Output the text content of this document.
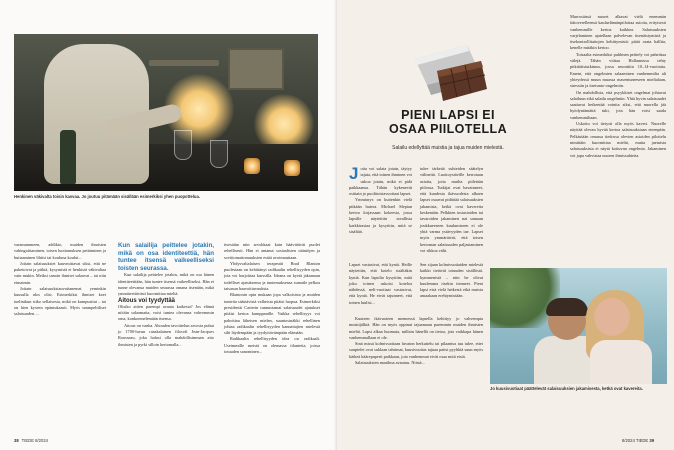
Henkinen väkivalta toisin kasvaa. Jo joutuu pitämään sisällään esimerkiksi yhen puopottelua.

varamammeen, addikto, muiden ihmisten vahingoittaminen, toisen luottamuksen pettäminen ja hutiaaminen lihtisi tai kouluna koulut...

Joitain salaisuuksiet kuuvmittavat siksi, että ne paketoivat ja pitkiä, kysymistä ei henkisiä väkivaltaa vain mukin. Meiksi sanoin ihmiset salaavat – tai niin eimaimin.

Joitain salaisuuksiauvuitanemat yeminkin kuusulla ulos olisi. Esimerkiksi ihmiset koet tuelinikun siiko sellaisesta, mikä on kumpusiini – tai on hien kyseen epämukaasti. Myös ummpeltiliset salaisuuden. ...

Kun salailija peittelee jotakin, mikä on osa identiteettiä, hän tuntee itsensä vaikeelliseksi toisten seurassa.

Kun salailija peittelee jotakin, mikä on osa hänen identiteettiään, hän tuntee itsensä vaikeelliseksi. Hän ei tunne olevansa muiden seurassa omana itsenään, mikä ymmärrettävästi kuormittaa mieltä.

Aitous voi tyydyttää

Olisiko aitien parempi avaata kaikesta? Jos elämä niitäin salaamatta, voisi tuntea olevansa vahvemmin oma, konkoemelemään itsensa.

Aitous on vanha. Ahouden tavoittelun arvosta puhui jo 1700-luvun ranskalainen filosofi Jean-Jacques Rousseau, joka halusi olla mahdollisimman aito ihmisten ja pyrki silloin kertomalla...

itsestään niin arvokkaat kuin häävittävät puolet rehellisesti. Hän ei antanut sosiaalisten sääntöjen ja sovittomattomuuksien estää avoimuuttaan.

Yhdysvaltalaisen terapeutti Brad Blanton puolestaan on kehittänyt radikaalin rehellisyyden opin, jota voi harjoittaa kurssilla. Ideana on kyetä jakamaan todelliset ajatuksensa ja tuntemuksensa sumaile pelkoa taisasun haavoittuvuuksia.

Blantonin opin mukaan jopa valkoisista ja muiden tunteita säästävistä valheista pitäisi luopua. Esimerkiksi presidentti Carterin tunnustamat salaisuudet ajatukset pitäisi kertoa kumppanille. Vaikka rehellisyys voi pahoittaa läheisen mielen, suuntosinäkki rehellinen johtaa radikaalin rehellisyyden kannattajien mielestä silti läydempään ja tyydyttävämpään elämään.

Radikaalin rehellisyyden idea on radikaali. Useimmille meistä on olemassa tilanteita, joissa totuuden sanominen...

38 TIEDE 8/2024
PIENI LAPSI EI
OSAA PIILOTELLA
Salailu edellyttää muistia ja tajua muiden mielestä.

Jotta voi salata jotain, täytyy tajuta, että toinen ihminen voi uskoa jotain, mikä ei pidä paikkaansa. Tähän kykenevät osittain jo puolitoistavuotiaat lapset.

Ymmärrys on kuitenkin vielä pitkään hutera. Michael Slepian kertoo kirjassaan kokeesta, jossa lapsille näytettiin tavallista karkkirasiaa ja kysyttiin, mitä se sisältää.

tulee tärkeää suhteiden säätelyn välineitä. Luottoystäville kerrotaan asioita, joita muilta piiletään piilossa. Tutkijat ovat havainneet, että kuudesta ikävuodesta alkaen lapset osaavat pidättää salaisuuksien jakamista, ketkä ovat kavereita keskenään. Pelkkien tosiasioiden tai tavaroiden jakaminen nai samaan joukkueeseen kuulumiseen ei ole yhtä varma ystävyyden tae. Lapset myös ymmärtävät, että toisen kertoman salaisuuden paljastaminen voi rikkoa välit.

Lapset vastasivat, että kyniä. Heille näytettiin, että kotelo sisältäkin kyniä. Kun lapsilta kysyttiin, mitä joku toinen uskoisi koteloa nähdessä, neli-vuotiaat vastasivat, että kyniä. He eivät tajunneet, että toinen luulisi...

Sen sijaan kolmivuotiaiden mielestä kaikki tietävät totuuden sisällöstä. kymmenistä – niin he olivat kuulemma itsekin tienneet. Pieni lapsi eisä vielä hetkestä eikä muista amaakaan erehtymistään.

Kuuteen ikävuoteen mennessä lapsella kehittyy jo vahvempia muistijälkiä. Hän on myös oppinut tajuamaan paremmin muiden ihmisten mieltä. Lapsi alkaa huomata, millain hänellä on tietoa, jota vaikkapa hänen vanhemmallaan ei ole.

Sinä missä kolmivuotiaan luvaton herkuttelu tai pilaantus tuu tulee, ettei suupielet ovat suklaan tahrimat, kuusivuotias tajuaa paitsi pyyhkiä suun myös kätkeä käärepaperit paikkaan, jota vanhemmat eivät osaa mitä etsiä.

Salaisuuksien maailma avautuu. Niistä...

Murrosiässä nuoret alkavat vielä enemmän itätoverelleensä kaulaelämänpiilottaa asioita, erityisesti vanhemmille kertoa kaikkea. Salaisuuksien varjelaminen ajatellaan palvelevan itsenäistymistä ja itsekontrollitaitojen kehittymistä: pitää osata hallita, kenelle mitäkin kertoo.

Toisaalta esimerkiksi puhlmen peittely voi paheittaa välejä. Tähän viittaa Hollannissa tehty pitkittäistutkimus, jossa seurattiin 10–14-vuotiaita. Emeni, että ongelmien salaaminen vanhemmilta ali yhteydessä muun muassa masentuneeseen mielialaan, stressiin ja itsetunto-ongelmiin.

On mahdollista, että psyykkiset ongelmat johtavat salailuun eikä salailu ongelmiin. Yhtä hyvin salaisuudet saattavat heikentää vointia siksi, että nuorella jää hyödyntämättä tuki, jota hän voisi saada vanhemmiltaan.

Uskottu voi tietysti olla myös kaveri. Nuorelle näyttää olevan hyvää kertoa salaisuuksiaan eteenpäin. Pelkästään omassa tiedossa olevien asioiden pilottelu nimittäin kuormittaa mieltä, mutta jaetuista salaisuuksista ei näytä koituvan ongelmia. Jakaminen voi jopa vahvistaa nuoren ihmissuhteita.

Jo kuusivuotiaat päättelevät salaisuuksien jakamisesta, ketkä ovat kavereita.
8/2024 TIEDE 39
